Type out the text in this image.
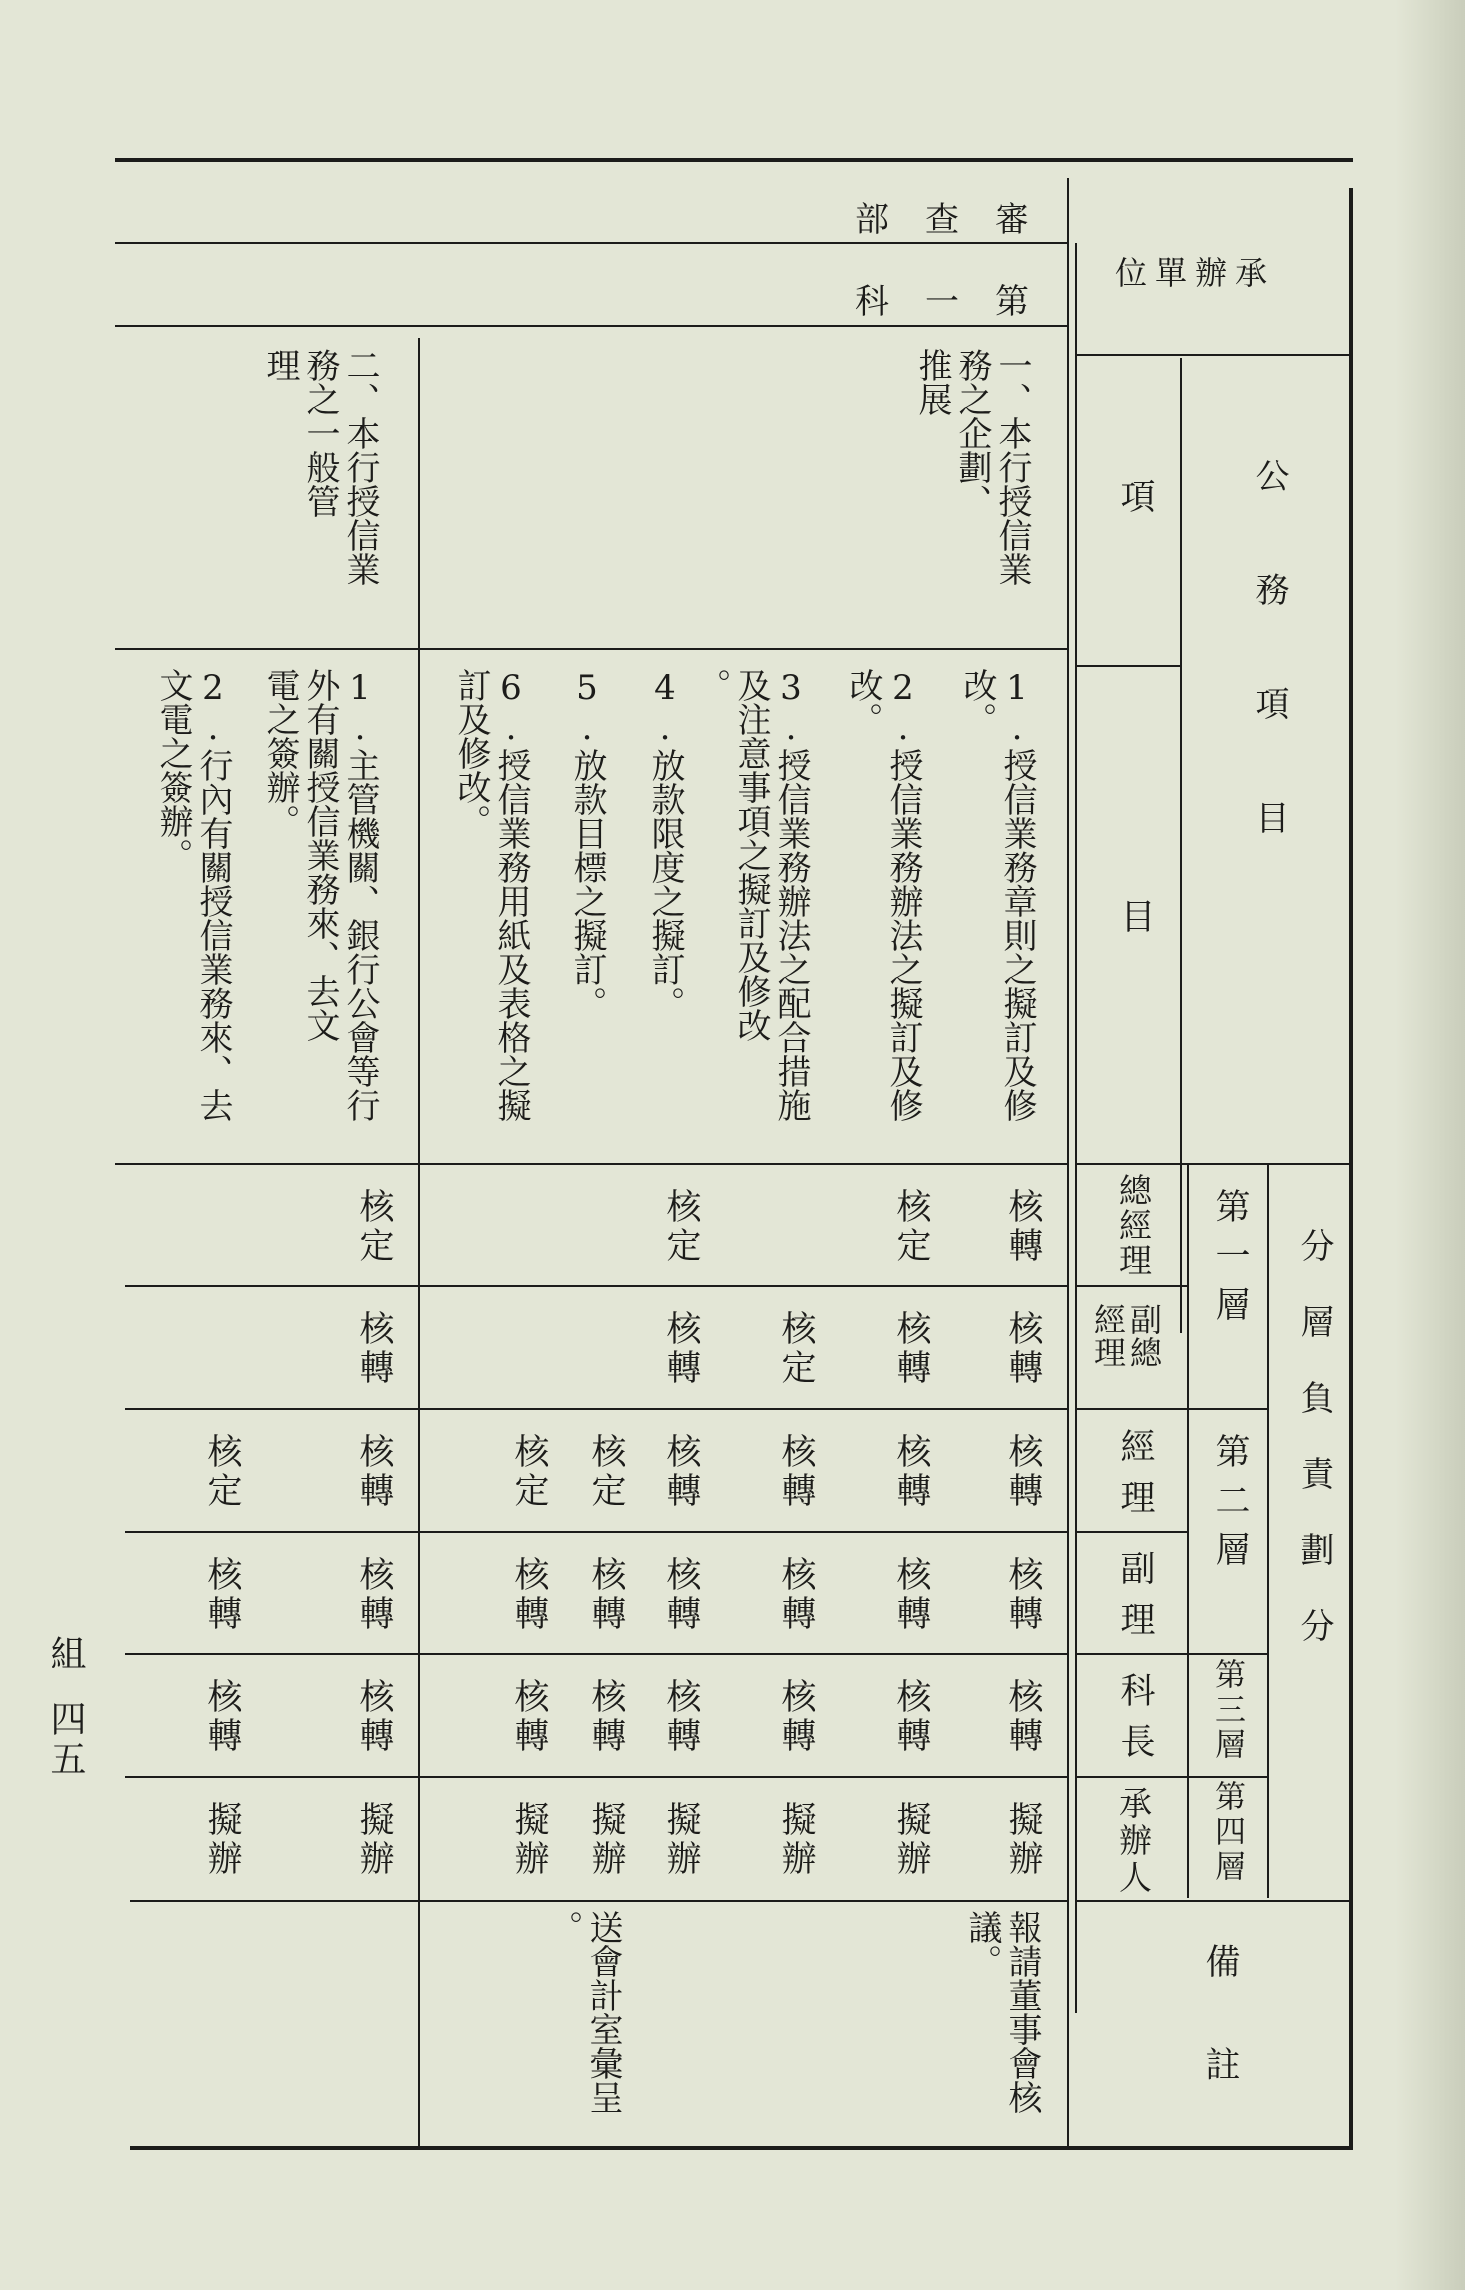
審查部
第一科
承辦單位
公務項目
項
目
分層負責劃分
第一層
第二層
第三層
第四層
總經理
副總
經理
經理
副理
科長
承辦人
備註
一、本行授信業
務之企劃、
推展
二、本行授信業
務之一般管
理
1.授信業務章則之擬訂及修
改。
2.授信業務辦法之擬訂及修
改。
3.授信業務辦法之配合措施
及注意事項之擬訂及修改
。
4.放款限度之擬訂。
5.放款目標之擬訂。
6.授信業務用紙及表格之擬
訂及修改。
1.主管機關、銀行公會等行
外有關授信業務來、去文
電之簽辦。
2.行內有關授信業務來、去
文電之簽辦。
核轉
核轉
核轉
核轉
核轉
擬辦
核定
核轉
核轉
核轉
核轉
擬辦
核定
核轉
核轉
核轉
擬辦
核定
核轉
核轉
核轉
核轉
擬辦
核定
核轉
核轉
擬辦
核定
核轉
核轉
擬辦
核定
核轉
核轉
核轉
核轉
擬辦
核定
核轉
核轉
擬辦
報請董事會核
議。
送會計室彙呈
。
組
四五
